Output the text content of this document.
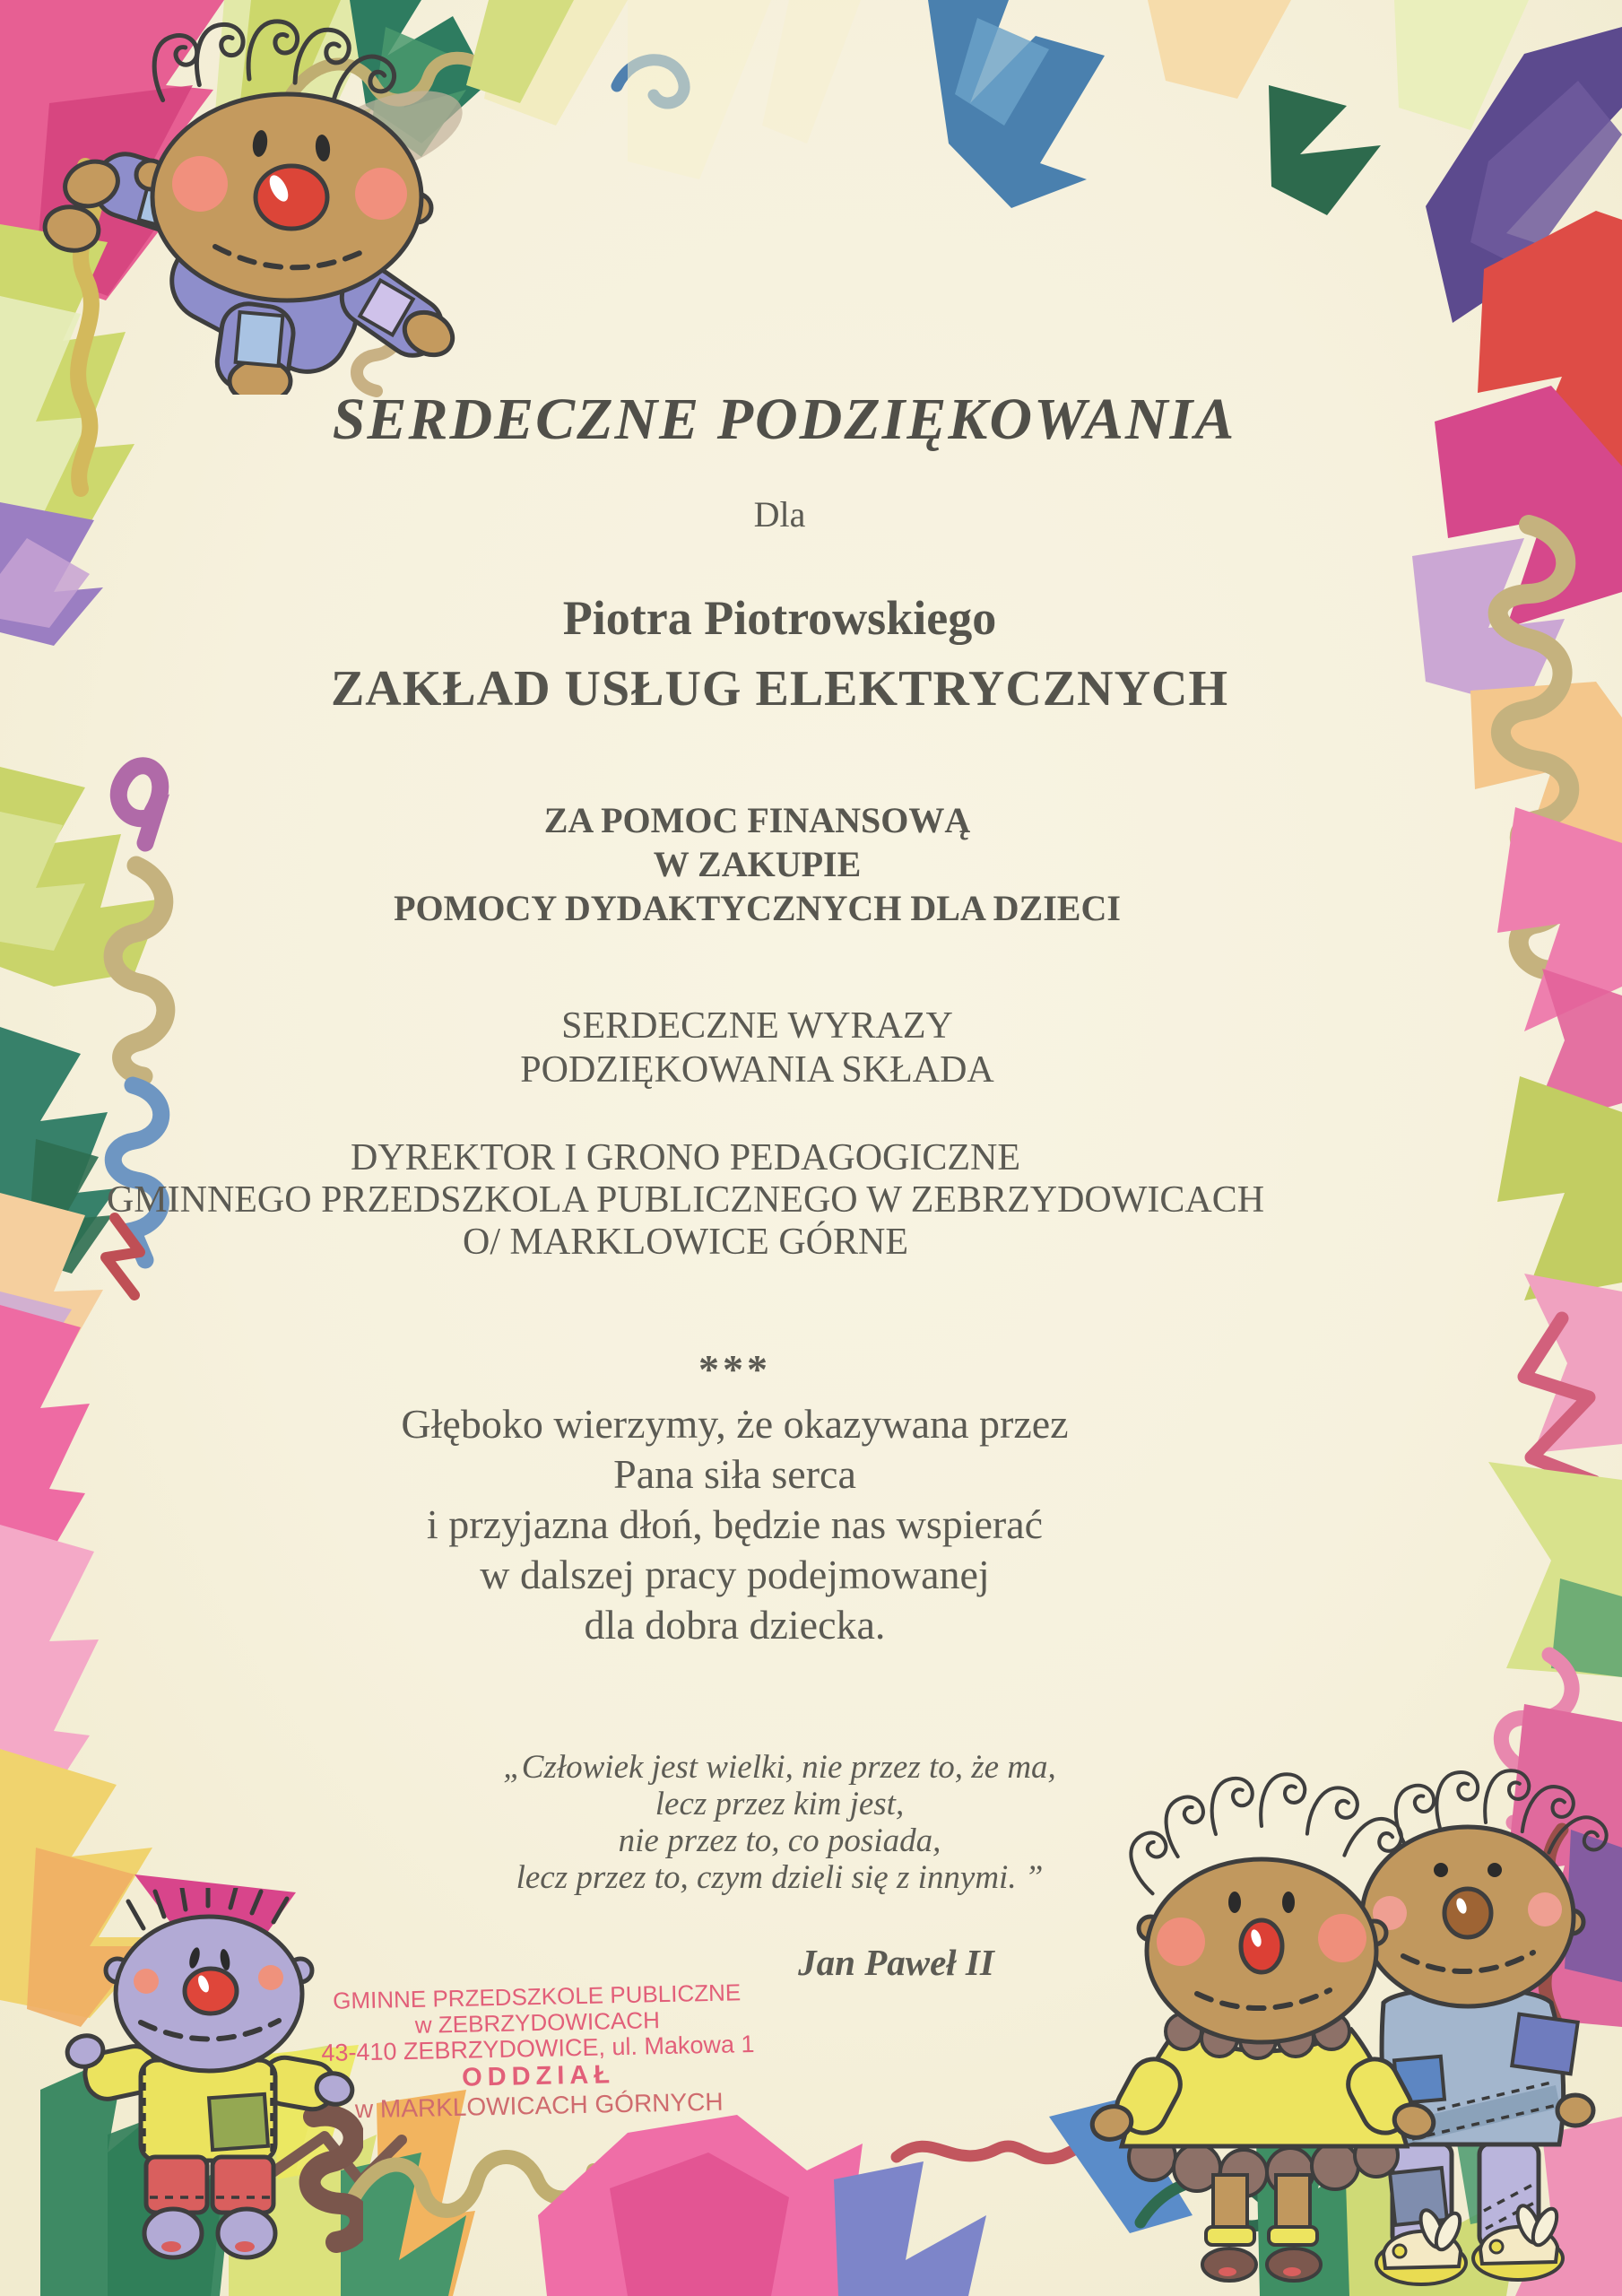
SERDECZNE PODZIĘKOWANIA
Dla
Piotra Piotrowskiego
ZAKŁAD USŁUG ELEKTRYCZNYCH
ZA POMOC FINANSOWĄ
W ZAKUPIE
POMOCY DYDAKTYCZNYCH DLA DZIECI
SERDECZNE WYRAZY
PODZIĘKOWANIA SKŁADA
DYREKTOR I GRONO PEDAGOGICZNE
GMINNEGO PRZEDSZKOLA PUBLICZNEGO W ZEBRZYDOWICACH
O/ MARKLOWICE GÓRNE
***
Głęboko wierzymy, że okazywana przez
Pana siła serca
i przyjazna dłoń, będzie nas wspierać
w dalszej pracy podejmowanej
dla dobra dziecka.
„Człowiek jest wielki, nie przez to, że ma,
lecz przez kim jest,
nie przez to, co posiada,
lecz przez to, czym dzieli się z innymi. ”
Jan Paweł II
GMINNE PRZEDSZKOLE PUBLICZNE
w ZEBRZYDOWICACH
43-410 ZEBRZYDOWICE, ul. Makowa 1
ODDZIAŁ
w MARKLOWICACH GÓRNYCH
